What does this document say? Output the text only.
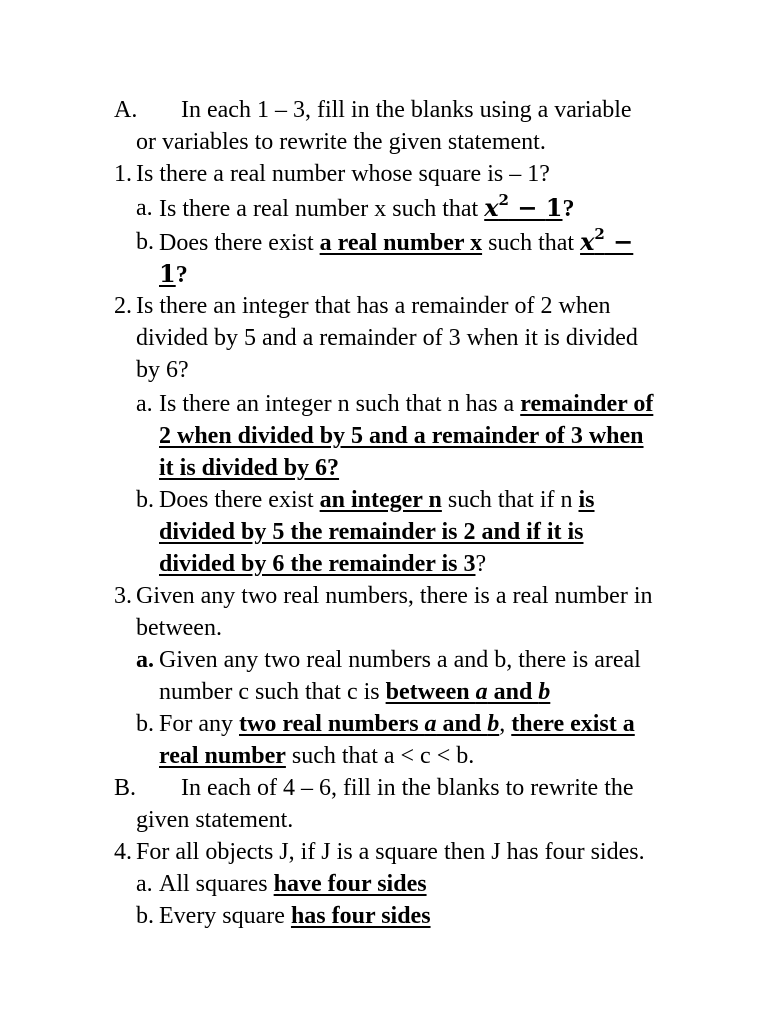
A. In each 1 – 3, fill in the blanks using a variable
or variables to rewrite the given statement.
1. Is there a real number whose square is – 1?
a. Is there a real number x such that $x^2 - 1$?
b. Does there exist a real number x such that $x^2$ −
1?
2. Is there an integer that has a remainder of 2 when
divided by 5 and a remainder of 3 when it is divided
by 6?
a. Is there an integer n such that n has a remainder of
2 when divided by 5 and a remainder of 3 when
it is divided by 6?
b. Does there exist an integer n such that if n is
divided by 5 the remainder is 2 and if it is
divided by 6 the remainder is 3?
3. Given any two real numbers, there is a real number in
between.
a. Given any two real numbers a and b, there is areal
number c such that c is between a and b
b. For any two real numbers a and b, there exist a
real number such that a < c < b.
B. In each of 4 – 6, fill in the blanks to rewrite the
given statement.
4. For all objects J, if J is a square then J has four sides.
a. All squares have four sides
b. Every square has four sides
